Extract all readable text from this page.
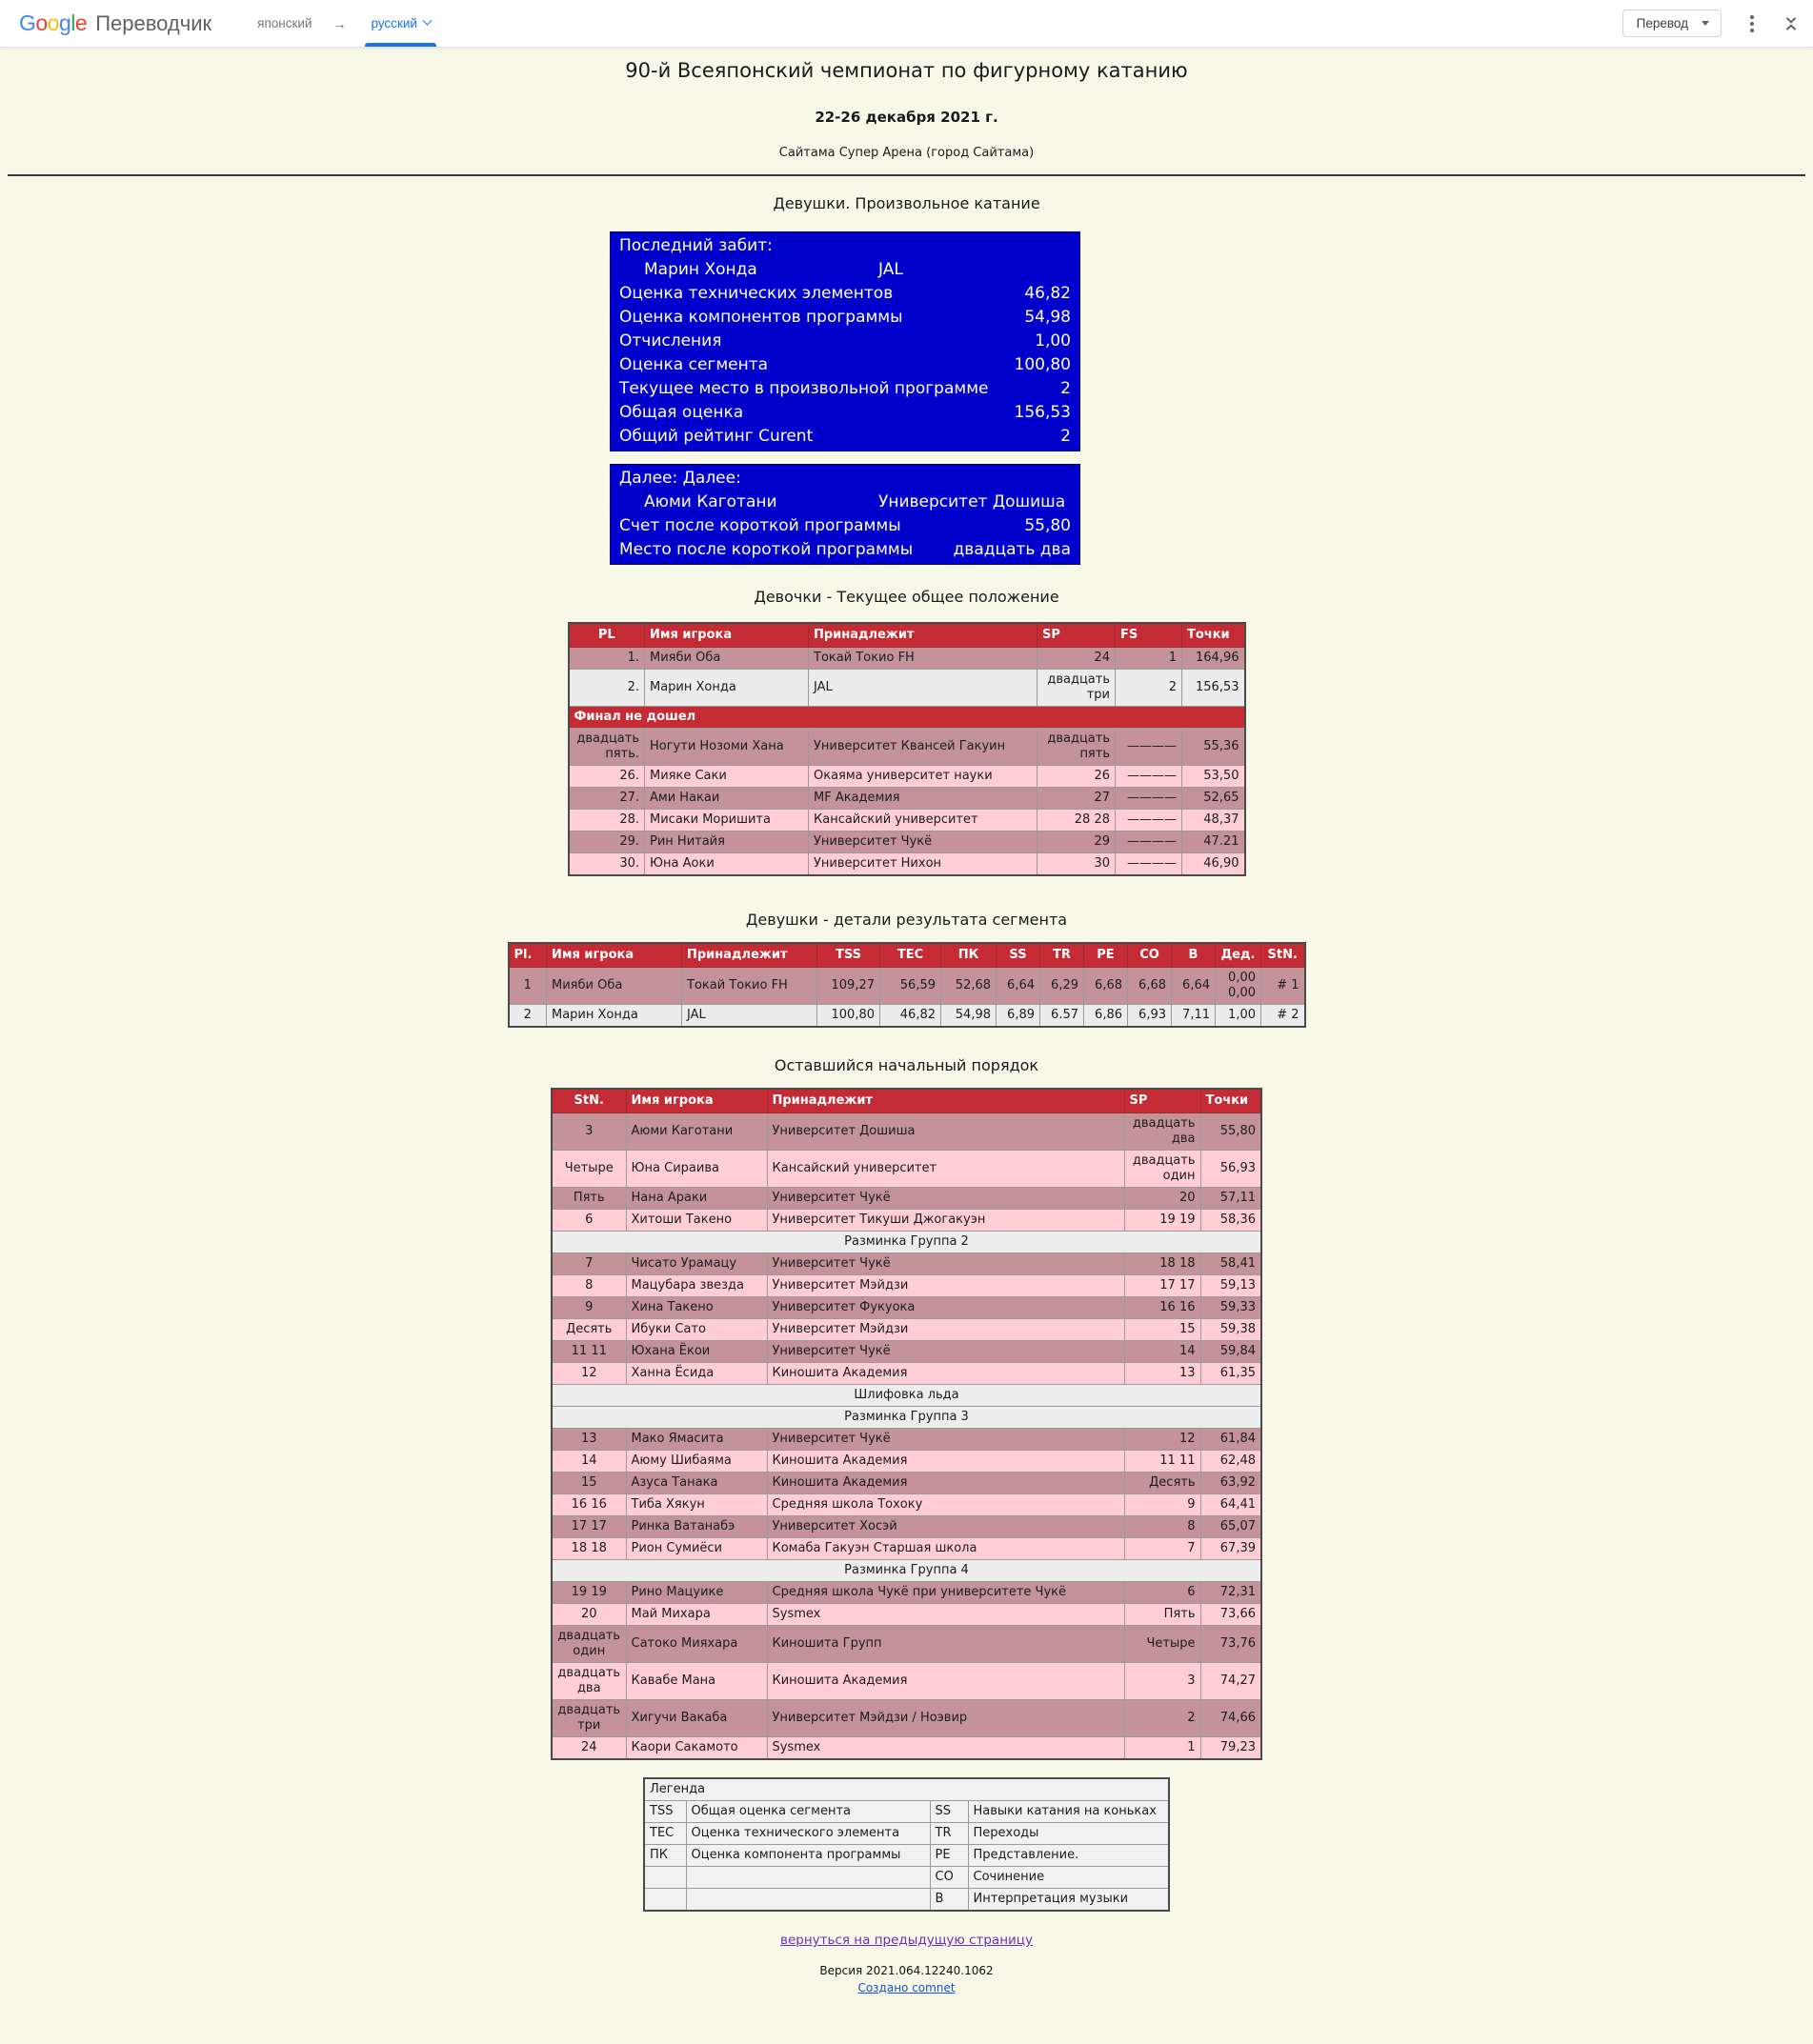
G o o g l e Переводчик	японский → русский	Перевод
90-й Всеяпонский чемпионат по фигурному катанию
22-26 декабря 2021 г.
Сайтама Супер Арена (город Сайтама)
Девушки. Произвольное катание
Последний забит:
Марин Хонда	JAL
Оценка технических элементов	46,82
Оценка компонентов программы	54,98
Отчисления	1,00
Оценка сегмента	100,80
Текущее место в произвольной программе	2
Общая оценка	156,53
Общий рейтинг Curent	2
Далее: Далее:
Аюми Каготани	Университет Дошиша
Счет после короткой программы	55,80
Место после короткой программы	двадцать два
Девочки - Текущее общее положение
PL	Имя игрока	Принадлежит	SP	FS	Точки
1.	Мияби Оба	Токай Токио FH	24	1	164,96
2.	Марин Хонда	JAL	двадцать три	2	156,53
Финал не дошел					
двадцать пять.	Ногути Нозоми Хана	Университет Квансей Гакуин	двадцать пять	————	55,36
26.	Мияке Саки	Окаяма университет науки	26	————	53,50
27.	Ами Накаи	MF Академия	27	————	52,65
28.	Мисаки Моришита	Кансайский университет	28 28	————	48,37
29.	Рин Нитайя	Университет Чукё	29	————	47.21
30.	Юна Аоки	Университет Нихон	30	————	46,90
Девушки - детали результата сегмента
Pl.	Имя игрока	Принадлежит	TSS	TEC	ПК	SS	TR	PE	CO	B	Дед.	StN.
1	Мияби Оба	Токай Токио FH	109,27	56,59	52,68	6,64	6,29	6,68	6,68	6,64	0,00 0,00	# 1
2	Марин Хонда	JAL	100,80	46,82	54,98	6,89	6.57	6,86	6,93	7,11	1,00	# 2
Оставшийся начальный порядок
StN.	Имя игрока	Принадлежит	SP	Точки
3	Аюми Каготани	Университет Дошиша	двадцать два	55,80
Четыре	Юна Сираива	Кансайский университет	двадцать один	56,93
Пять	Нана Араки	Университет Чукё	20	57,11
6	Хитоши Такено	Университет Тикуши Джогакуэн	19 19	58,36
Разминка Группа 2				
7	Чисато Урамацу	Университет Чукё	18 18	58,41
8	Мацубара звезда	Университет Мэйдзи	17 17	59,13
9	Хина Такено	Университет Фукуока	16 16	59,33
Десять	Ибуки Сато	Университет Мэйдзи	15	59,38
11 11	Юхана Ёкои	Университет Чукё	14	59,84
12	Ханна Ёсида	Киношита Академия	13	61,35
Шлифовка льда				
Разминка Группа 3				
13	Мако Ямасита	Университет Чукё	12	61,84
14	Аюму Шибаяма	Киношита Академия	11 11	62,48
15	Азуса Танака	Киношита Академия	Десять	63,92
16 16	Тиба Хякун	Средняя школа Тохоку	9	64,41
17 17	Ринка Ватанабэ	Университет Хосэй	8	65,07
18 18	Рион Сумиёси	Комаба Гакуэн Старшая школа	7	67,39
Разминка Группа 4				
19 19	Рино Мацуике	Средняя школа Чукё при университете Чукё	6	72,31
20	Май Михара	Sysmex	Пять	73,66
двадцать один	Сатоко Мияхара	Киношита Групп	Четыре	73,76
двадцать два	Кавабе Мана	Киношита Академия	3	74,27
двадцать три	Хигучи Вакаба	Университет Мэйдзи / Ноэвир	2	74,66
24	Каори Сакамото	Sysmex	1	79,23
Легенда			
TSS	Общая оценка сегмента	SS	Навыки катания на коньках
TEC	Оценка технического элемента	TR	Переходы
ПК	Оценка компонента программы	PE	Представление.
		CO	Сочинение
		B	Интерпретация музыки
вернуться на предыдущую страницу
Версия 2021.064.12240.1062
Создано comnet
